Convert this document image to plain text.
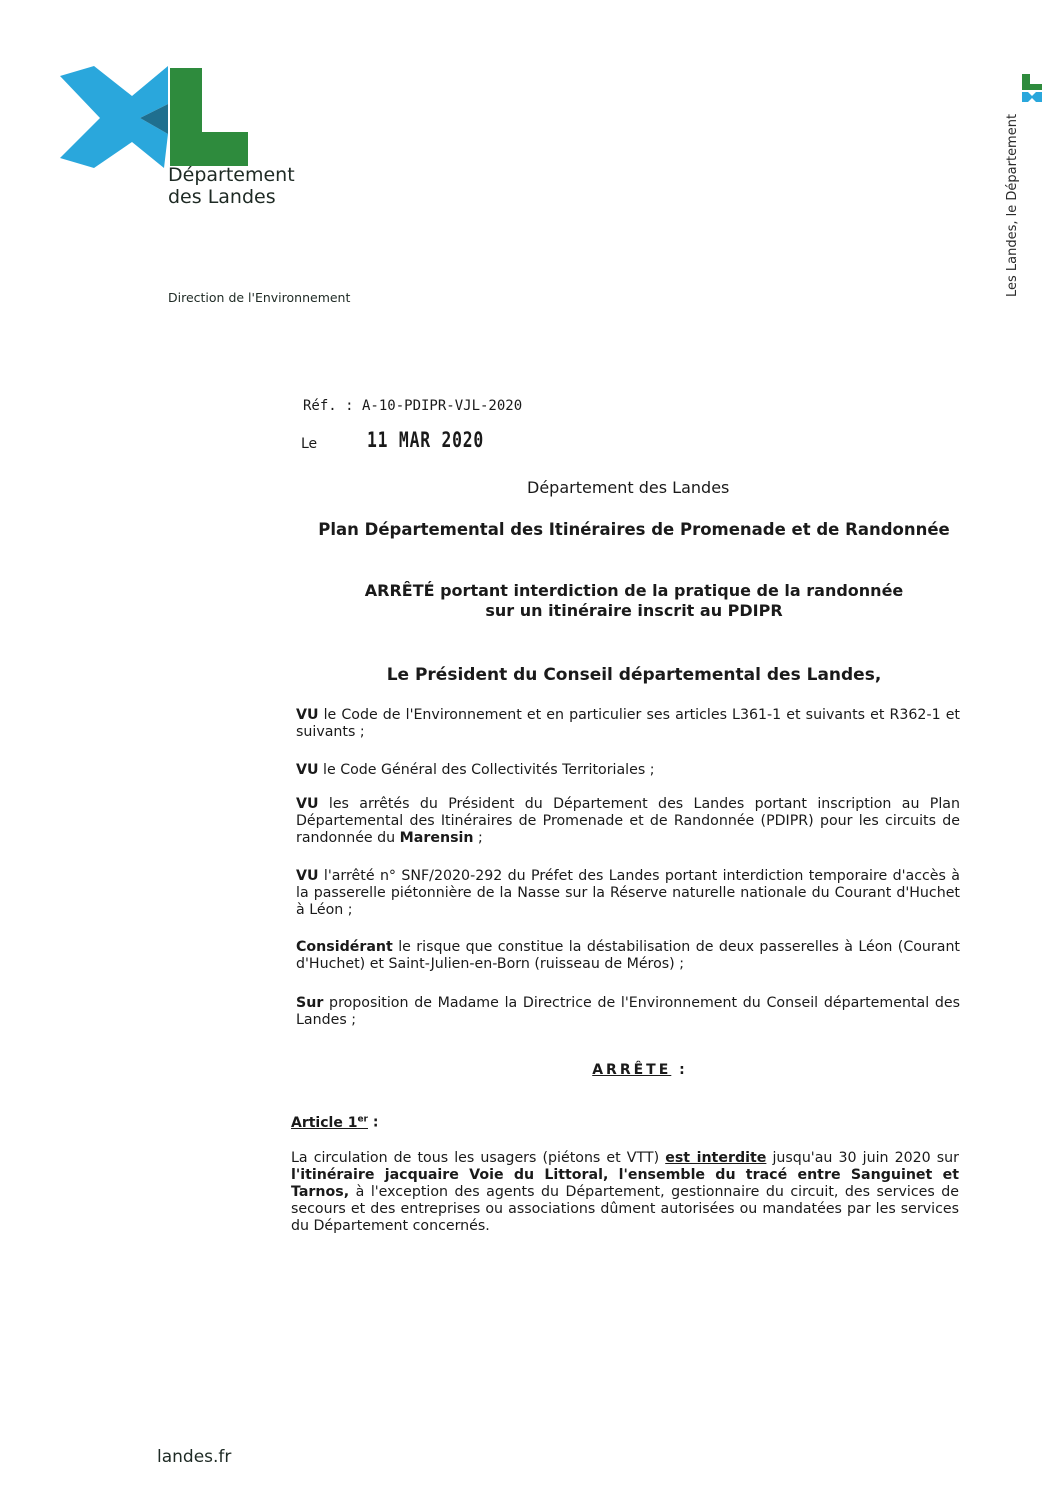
Département
des Landes
Direction de l'Environnement
Les Landes, le Département
Réf. : A-10-PDIPR-VJL-2020
Le 11 MAR 2020
Département des Landes
Plan Départemental des Itinéraires de Promenade et de Randonnée
ARRÊTÉ portant interdiction de la pratique de la randonnée
sur un itinéraire inscrit au PDIPR
Le Président du Conseil départemental des Landes,
VU le Code de l'Environnement et en particulier ses articles L361-1 et suivants et R362-1 et suivants ;
VU le Code Général des Collectivités Territoriales ;
VU les arrêtés du Président du Département des Landes portant inscription au Plan Départemental des Itinéraires de Promenade et de Randonnée (PDIPR) pour les circuits de randonnée du Marensin ;
VU l'arrêté n° SNF/2020-292 du Préfet des Landes portant interdiction temporaire d'accès à la passerelle piétonnière de la Nasse sur la Réserve naturelle nationale du Courant d'Huchet à Léon ;
Considérant le risque que constitue la déstabilisation de deux passerelles à Léon (Courant d'Huchet) et Saint-Julien-en-Born (ruisseau de Méros) ;
Sur proposition de Madame la Directrice de l'Environnement du Conseil départemental des Landes ;
ARRÊTE :
Article 1er :
La circulation de tous les usagers (piétons et VTT) est interdite jusqu'au 30 juin 2020 sur l'itinéraire jacquaire Voie du Littoral, l'ensemble du tracé entre Sanguinet et Tarnos, à l'exception des agents du Département, gestionnaire du circuit, des services de secours et des entreprises ou associations dûment autorisées ou mandatées par les services du Département concernés.
landes.fr
